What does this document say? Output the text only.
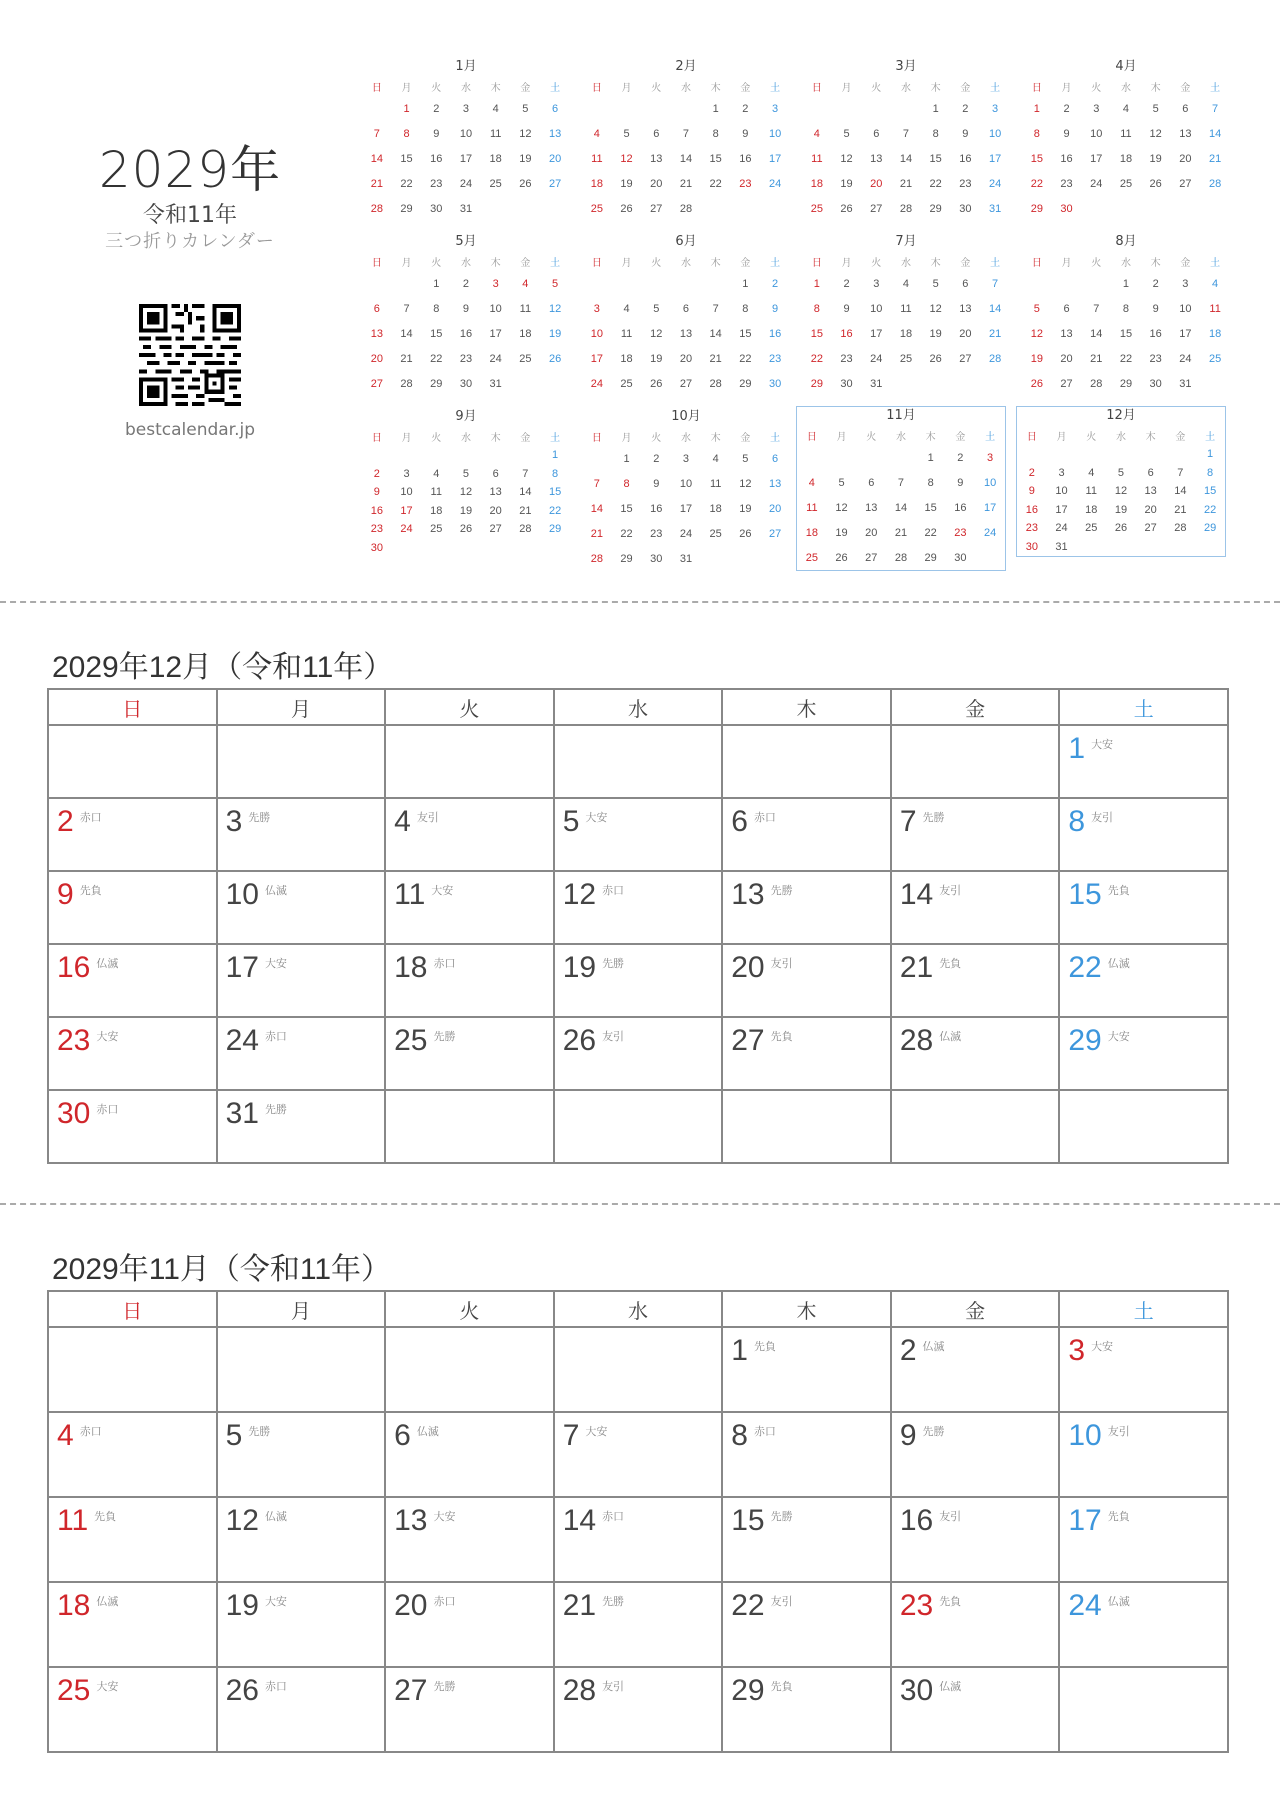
2029年
令和11年
三つ折りカレンダー
bestcalendar.jp
1月
日	月	火	水	木	金	土
	1	2	3	4	5	6
7	8	9	10	11	12	13
14	15	16	17	18	19	20
21	22	23	24	25	26	27
28	29	30	31			
2月
日	月	火	水	木	金	土
				1	2	3
4	5	6	7	8	9	10
11	12	13	14	15	16	17
18	19	20	21	22	23	24
25	26	27	28			
3月
日	月	火	水	木	金	土
				1	2	3
4	5	6	7	8	9	10
11	12	13	14	15	16	17
18	19	20	21	22	23	24
25	26	27	28	29	30	31
4月
日	月	火	水	木	金	土
1	2	3	4	5	6	7
8	9	10	11	12	13	14
15	16	17	18	19	20	21
22	23	24	25	26	27	28
29	30					
5月
日	月	火	水	木	金	土
		1	2	3	4	5
6	7	8	9	10	11	12
13	14	15	16	17	18	19
20	21	22	23	24	25	26
27	28	29	30	31		
6月
日	月	火	水	木	金	土
					1	2
3	4	5	6	7	8	9
10	11	12	13	14	15	16
17	18	19	20	21	22	23
24	25	26	27	28	29	30
7月
日	月	火	水	木	金	土
1	2	3	4	5	6	7
8	9	10	11	12	13	14
15	16	17	18	19	20	21
22	23	24	25	26	27	28
29	30	31				
8月
日	月	火	水	木	金	土
			1	2	3	4
5	6	7	8	9	10	11
12	13	14	15	16	17	18
19	20	21	22	23	24	25
26	27	28	29	30	31	
9月
日	月	火	水	木	金	土
						1
2	3	4	5	6	7	8
9	10	11	12	13	14	15
16	17	18	19	20	21	22
23	24	25	26	27	28	29
30						
10月
日	月	火	水	木	金	土
	1	2	3	4	5	6
7	8	9	10	11	12	13
14	15	16	17	18	19	20
21	22	23	24	25	26	27
28	29	30	31			
11月
日	月	火	水	木	金	土
				1	2	3
4	5	6	7	8	9	10
11	12	13	14	15	16	17
18	19	20	21	22	23	24
25	26	27	28	29	30	
12月
日	月	火	水	木	金	土
						1
2	3	4	5	6	7	8
9	10	11	12	13	14	15
16	17	18	19	20	21	22
23	24	25	26	27	28	29
30	31					
2029年12月（令和11年）
日	月	火	水	木	金	土
						1 $^{大安}$
2 $^{赤口}$	3 $^{先勝}$	4 $^{友引}$	5 $^{大安}$	6 $^{赤口}$	7 $^{先勝}$	8 $^{友引}$
9 $^{先負}$	10 $^{仏滅}$	11 $^{大安}$	12 $^{赤口}$	13 $^{先勝}$	14 $^{友引}$	15 $^{先負}$
16 $^{仏滅}$	17 $^{大安}$	18 $^{赤口}$	19 $^{先勝}$	20 $^{友引}$	21 $^{先負}$	22 $^{仏滅}$
23 $^{大安}$	24 $^{赤口}$	25 $^{先勝}$	26 $^{友引}$	27 $^{先負}$	28 $^{仏滅}$	29 $^{大安}$
30 $^{赤口}$	31 $^{先勝}$					
2029年11月（令和11年）
日	月	火	水	木	金	土
				1 $^{先負}$	2 $^{仏滅}$	3 $^{大安}$
4 $^{赤口}$	5 $^{先勝}$	6 $^{仏滅}$	7 $^{大安}$	8 $^{赤口}$	9 $^{先勝}$	10 $^{友引}$
11 $^{先負}$	12 $^{仏滅}$	13 $^{大安}$	14 $^{赤口}$	15 $^{先勝}$	16 $^{友引}$	17 $^{先負}$
18 $^{仏滅}$	19 $^{大安}$	20 $^{赤口}$	21 $^{先勝}$	22 $^{友引}$	23 $^{先負}$	24 $^{仏滅}$
25 $^{大安}$	26 $^{赤口}$	27 $^{先勝}$	28 $^{友引}$	29 $^{先負}$	30 $^{仏滅}$	
